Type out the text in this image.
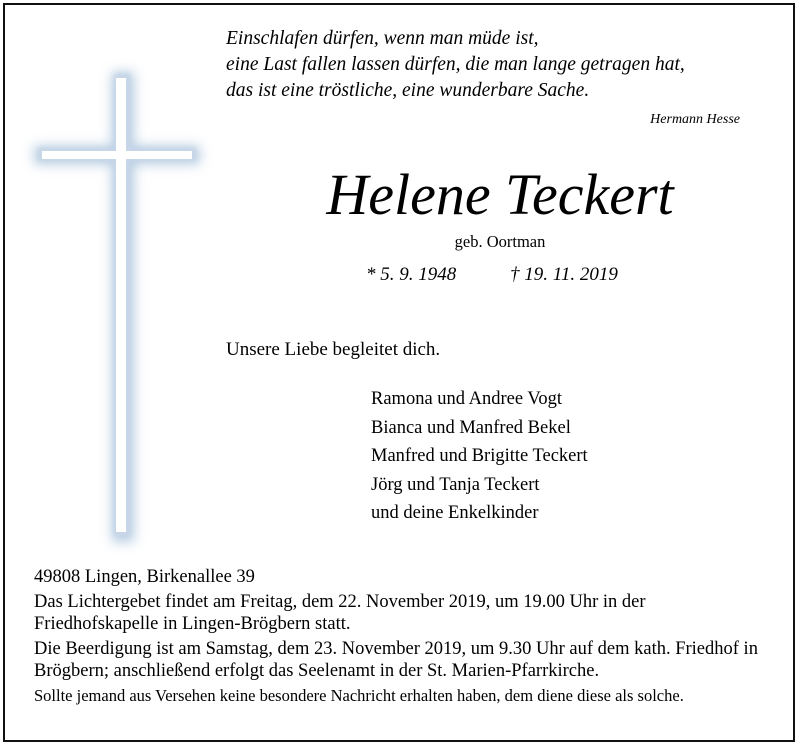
Einschlafen dürfen, wenn man müde ist,
eine Last fallen lassen dürfen, die man lange getragen hat,
das ist eine tröstliche, eine wunderbare Sache.
Hermann Hesse
Helene Teckert
geb. Oortman
* 5. 9. 1948	† 19. 11. 2019
Unsere Liebe begleitet dich.
Ramona und Andree Vogt
Bianca und Manfred Bekel
Manfred und Brigitte Teckert
Jörg und Tanja Teckert
und deine Enkelkinder

49808 Lingen, Birkenallee 39

Das Lichtergebet findet am Freitag, dem 22. November 2019, um 19.00 Uhr in der Friedhofskapelle in Lingen-Brögbern statt.

Die Beerdigung ist am Samstag, dem 23. November 2019, um 9.30 Uhr auf dem kath. Friedhof in Brögbern; anschließend erfolgt das Seelenamt in der St. Marien-Pfarrkirche.

Sollte jemand aus Versehen keine besondere Nachricht erhalten haben, dem diene diese als solche.
